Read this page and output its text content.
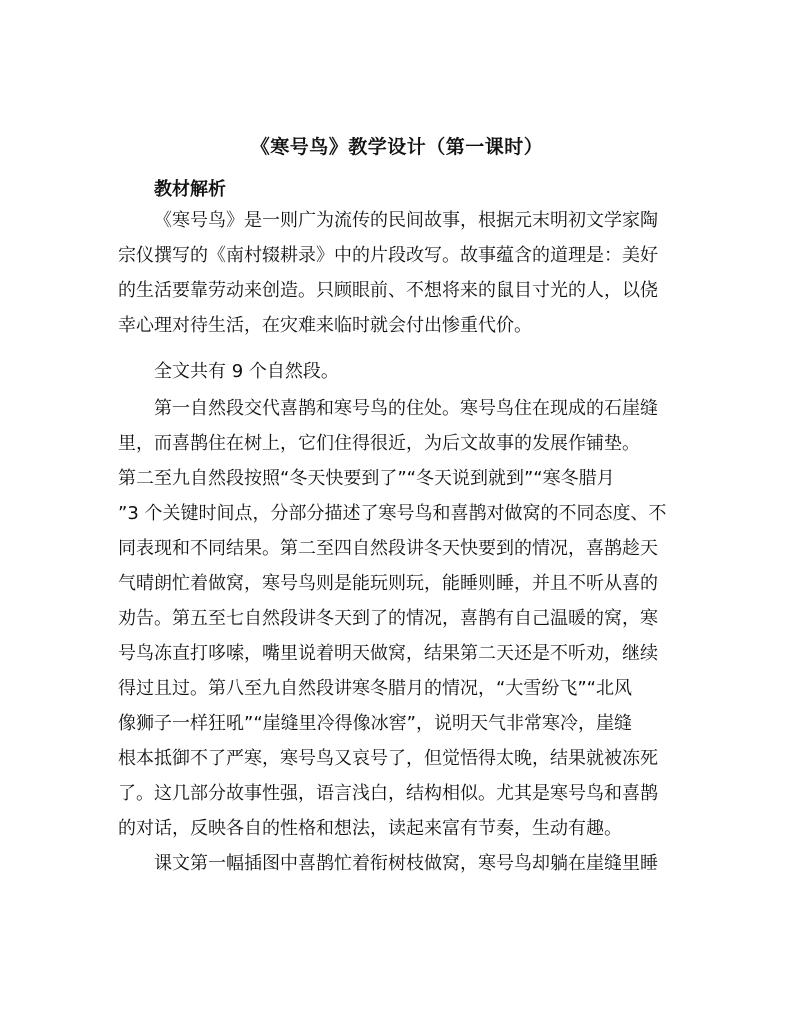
《寒号鸟》教学设计（第一课时）
教材解析
《寒号鸟》是一则广为流传的民间故事，根据元末明初文学家陶
宗仪撰写的《南村辍耕录》中的片段改写。故事蕴含的道理是：美好
的生活要靠劳动来创造。只顾眼前、不想将来的鼠目寸光的人，以侥
幸心理对待生活，在灾难来临时就会付出惨重代价。
全文共有 9 个自然段。
第一自然段交代喜鹊和寒号鸟的住处。寒号鸟住在现成的石崖缝
里，而喜鹊住在树上，它们住得很近，为后文故事的发展作铺垫。
第二至九自然段按照“冬天快要到了”“冬天说到就到”“寒冬腊月
”3 个关键时间点，分部分描述了寒号鸟和喜鹊对做窝的不同态度、不
同表现和不同结果。第二至四自然段讲冬天快要到的情况，喜鹊趁天
气晴朗忙着做窝，寒号鸟则是能玩则玩，能睡则睡，并且不听从喜的
劝告。第五至七自然段讲冬天到了的情况，喜鹊有自己温暖的窝，寒
号鸟冻直打哆嗦，嘴里说着明天做窝，结果第二天还是不听劝，继续
得过且过。第八至九自然段讲寒冬腊月的情况，“大雪纷飞”“北风
像狮子一样狂吼”“崖缝里冷得像冰窖”，说明天气非常寒冷，崖缝
根本抵御不了严寒，寒号鸟又哀号了，但觉悟得太晚，结果就被冻死
了。这几部分故事性强，语言浅白，结构相似。尤其是寒号鸟和喜鹊
的对话，反映各自的性格和想法，读起来富有节奏，生动有趣。
课文第一幅插图中喜鹊忙着衔树枝做窝，寒号鸟却躺在崖缝里睡
